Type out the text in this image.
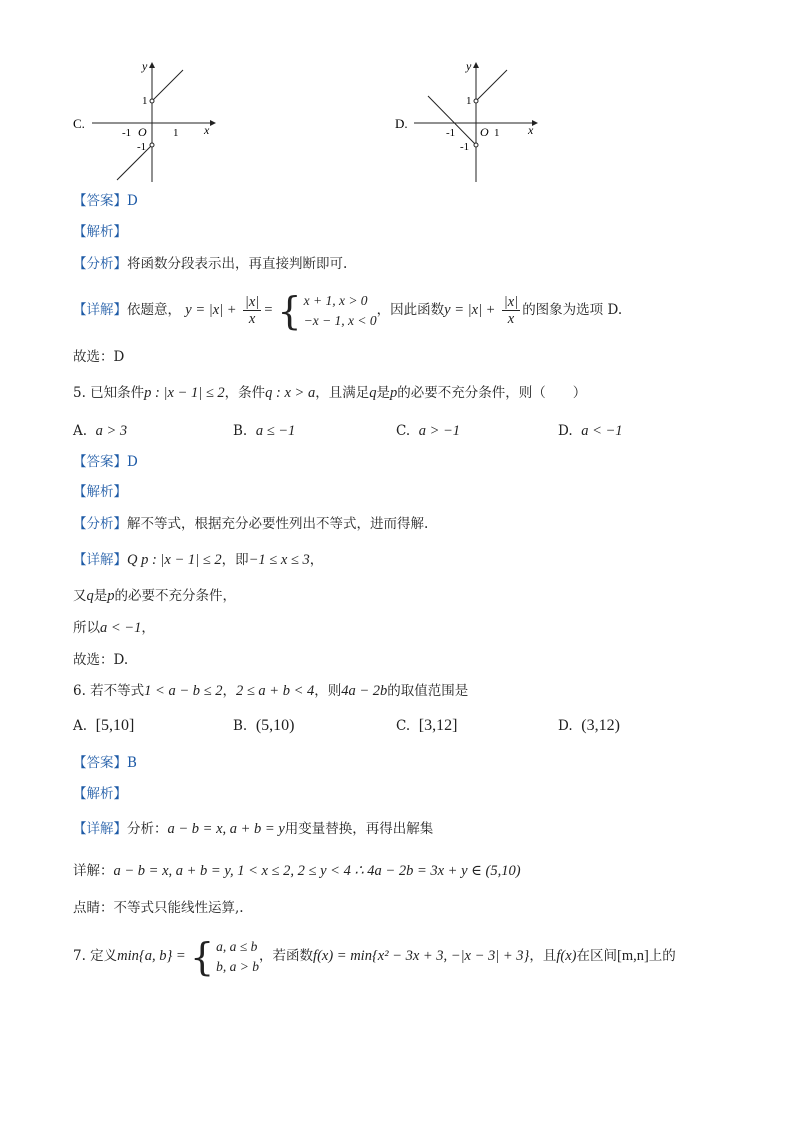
C.
y
x
O
1
-1	1
-1
D.
y
x
O
1
-1	1
-1
【答案】D
【解析】
【分析】将函数分段表示出，再直接判断即可.
【详解】依题意， $y = |x| + \frac{|x|}{x}$ = { x + 1, x > 0
−x − 1, x < 0
，因此函数$y = |x| + \frac{|x|}{x}$ 的图象为选项 D.
故选：D
5. 已知条件p : |x − 1| ≤ 2，条件q : x > a，且满足q是p的必要不充分条件，则（　　）
A. a > 3	B. a ≤ −1	C. a > −1	D. a < −1
【答案】D
【解析】
【分析】解不等式，根据充分必要性列出不等式，进而得解.
【详解】Q p : |x − 1| ≤ 2，即−1 ≤ x ≤ 3，
又q是p的必要不充分条件，
所以a < −1，
故选：D.
6. 若不等式1 < a − b ≤ 2，2 ≤ a + b < 4，则4a − 2b的取值范围是
A. [5,10]	B. (5,10)	C. [3,12]	D. (3,12)
【答案】B
【解析】
【详解】分析：a − b = x, a + b = y用变量替换，再得出解集
详解：a − b = x, a + b = y, 1 < x ≤ 2, 2 ≤ y < 4 ∴ 4a − 2b = 3x + y ∈ (5,10)
点睛：不等式只能线性运算,.
7. 定义min{a, b} = { a, a ≤ b
b, a > b
，若函数f(x) = min{x² − 3x + 3, −|x − 3| + 3}，且f(x)在区间[m,n]上的
